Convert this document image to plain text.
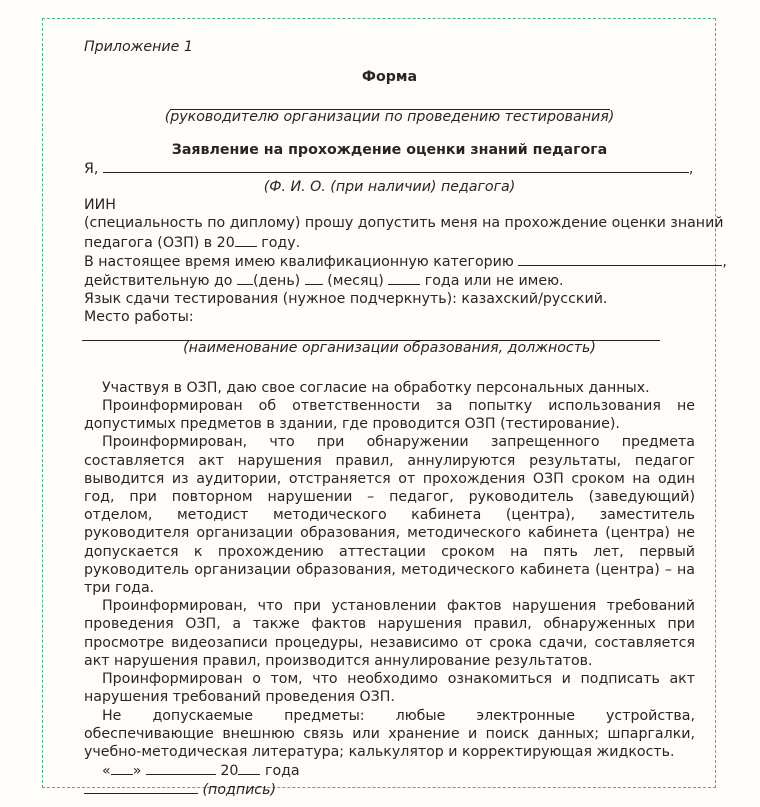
Приложение 1
Форма
(руководителю организации по проведению тестирования)
Заявление на прохождение оценки знаний педагога
Я,	,
(Ф. И. О. (при наличии) педагога)
ИИН
(специальность по диплому) прошу допустить меня на прохождение оценки знаний
педагога (ОЗП) в 20 году.
В настоящее время имею квалификационную категорию	,
действительную до (день) (месяц)	года или не имею.
Язык сдачи тестирования (нужное подчеркнуть): казахский/русский.
Место работы:
(наименование организации образования, должность)

Участвуя в ОЗП, даю свое согласие на обработку персональных данных.

Проинформирован об ответственности за попытку использования не допустимых предметов в здании, где проводится ОЗП (тестирование).

Проинформирован, что при обнаружении запрещенного предмета составляется акт нарушения правил, аннулируются результаты, педагог выводится из аудитории, отстраняется от прохождения ОЗП сроком на один год, при повторном нарушении – педагог, руководитель (заведующий) отделом, методист методического кабинета (центра), заместитель руководителя организации образования, методического кабинета (центра) не допускается к прохождению аттестации сроком на пять лет, первый руководитель организации образования, методического кабинета (центра) – на три года.

Проинформирован, что при установлении фактов нарушения требований проведения ОЗП, а также фактов нарушения правил, обнаруженных при просмотре видеозаписи процедуры, независимо от срока сдачи, составляется акт нарушения правил, производится аннулирование результатов.

Проинформирован о том, что необходимо ознакомиться и подписать акт нарушения требований проведения ОЗП.

Не допускаемые предметы: любые электронные устройства, обеспечивающие внешнюю связь или хранение и поиск данных; шпаргалки, учебно-методическая литература; калькулятор и корректирующая жидкость.

« »	20 года
(подпись)
